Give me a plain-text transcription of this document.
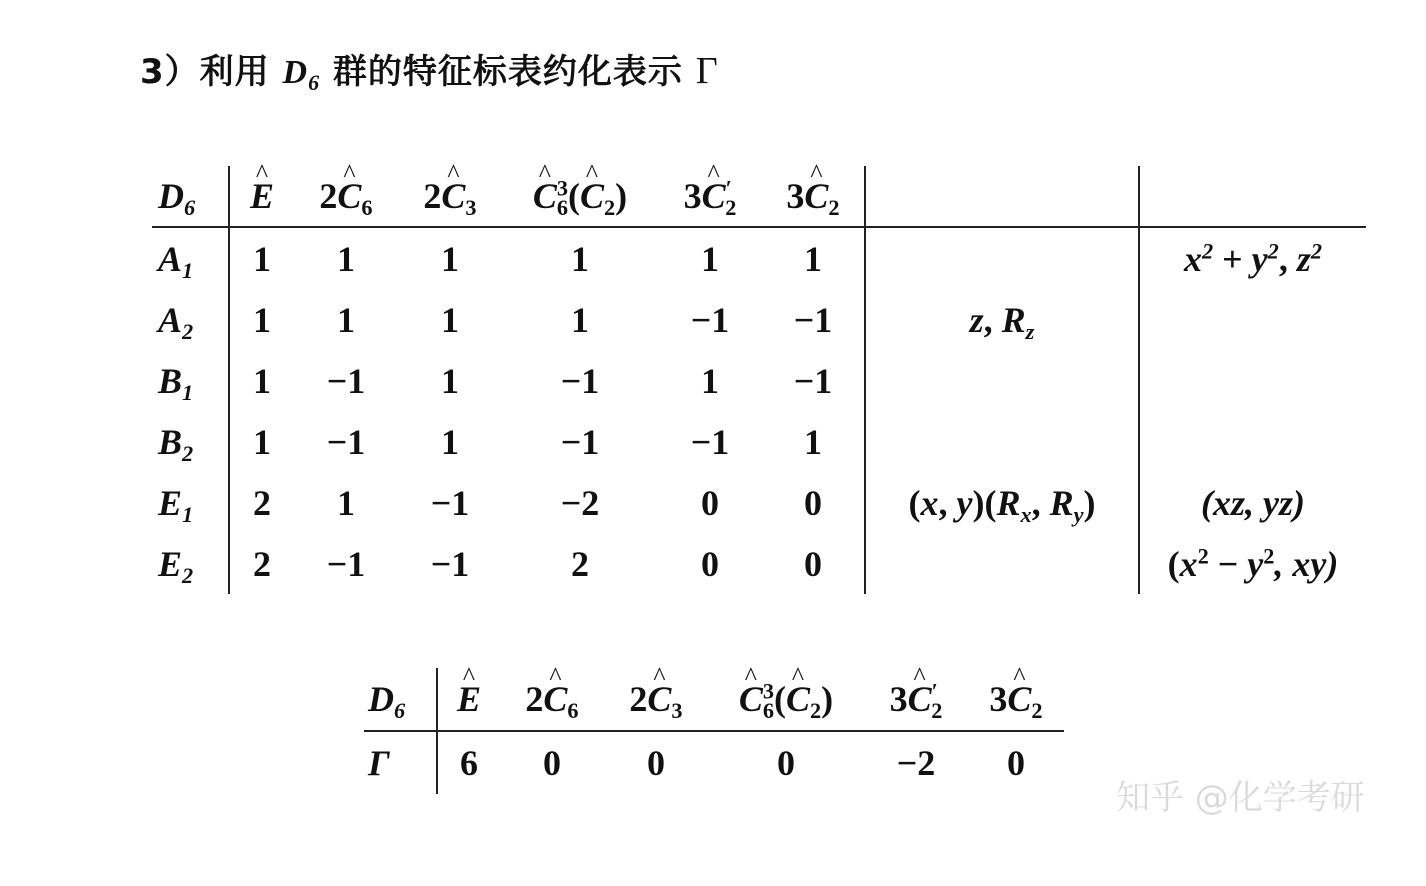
3）利用 $D_6$ 群的特征标表约化表示 Γ
$D_6$	^ E	2^ $C_6$	2^ $C_3$	^ $C^3_6(\^{}$ $C_2$)	3^ $C'_2$	3^ $C_2$		
$A_1$	1	1	1	1	1	1		$x^2 + y^2$, $z^2$
$A_2$	1	1	1	1	−1	−1	z, $R_z$	
$B_1$	1	−1	1	−1	1	−1		
$B_2$	1	−1	1	−1	−1	1		
$E_1$	2	1	−1	−2	0	0	(x, $y)(R_x$, $R_y$)	(xz, yz)
$E_2$	2	−1	−1	2	0	0		($x^2 - y^2$, xy)
$D_6$	^ E	2^ $C_6$	2^ $C_3$	^ $C^3_6(\^{}$ $C_2$)	3^ $C'_2$	3^ $C_2$
Γ	6	0	0	0	−2	0
知乎 @化学考研
